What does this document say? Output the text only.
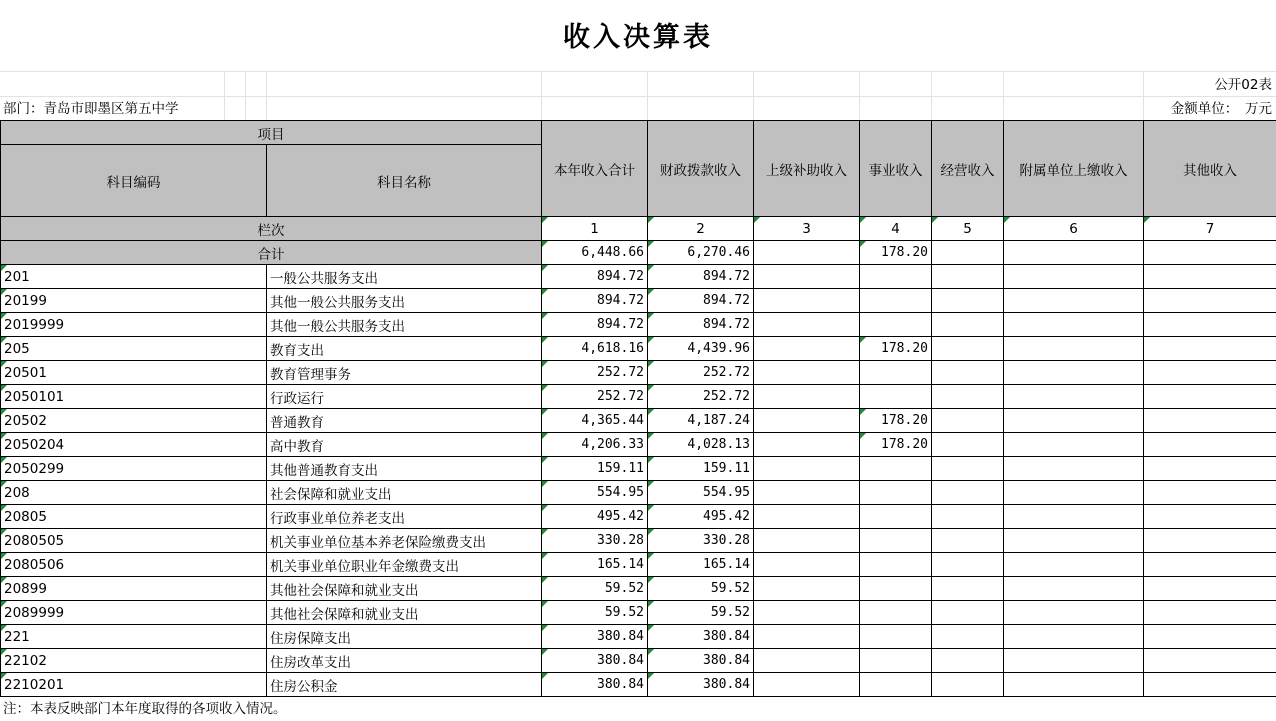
收入决算表
公开02表
部门：青岛市即墨区第五中学	金额单位：　万元
项目		本年收入合计	财政拨款收入	上级补助收入	事业收入	经营收入	附属单位上缴收入	其他收入
科目编码	科目名称							
栏次		1	2	3	4	5	6	7
合计		6,448.66	6,270.46		178.20			

201	一般公共服务支出	894.72	894.72					

20199	其他一般公共服务支出	894.72	894.72					

2019999	其他一般公共服务支出	894.72	894.72					

205	教育支出	4,618.16	4,439.96		178.20			

20501	教育管理事务	252.72	252.72					

2050101	行政运行	252.72	252.72					

20502	普通教育	4,365.44	4,187.24		178.20			

2050204	高中教育	4,206.33	4,028.13		178.20			

2050299	其他普通教育支出	159.11	159.11					

208	社会保障和就业支出	554.95	554.95					

20805	行政事业单位养老支出	495.42	495.42					

2080505	机关事业单位基本养老保险缴费支出	330.28	330.28					

2080506	机关事业单位职业年金缴费支出	165.14	165.14					

20899	其他社会保障和就业支出	59.52	59.52					

2089999	其他社会保障和就业支出	59.52	59.52					

221	住房保障支出	380.84	380.84					

22102	住房改革支出	380.84	380.84					

2210201	住房公积金	380.84	380.84					
注：本表反映部门本年度取得的各项收入情况。
